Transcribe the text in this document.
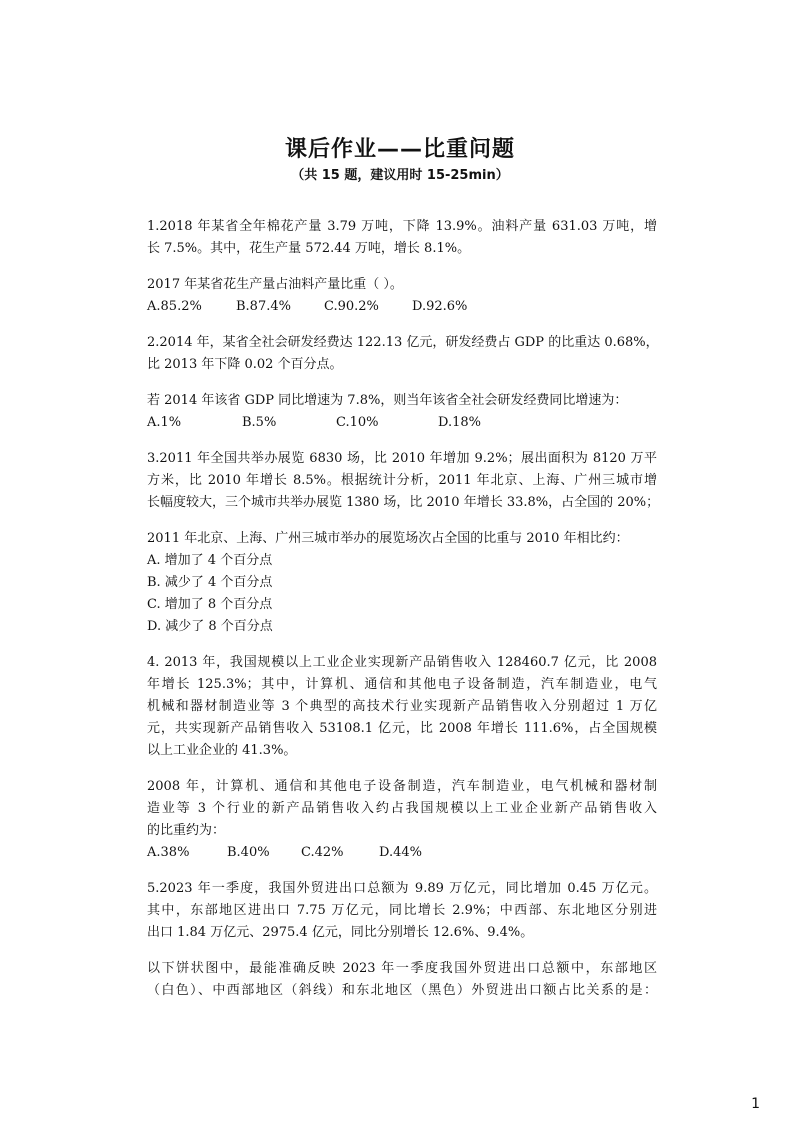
课后作业——比重问题
（共 15 题，建议用时 15-25min）
1.2018 年某省全年棉花产量 3.79 万吨，下降 13.9%。油料产量 631.03 万吨，增
长 7.5%。其中，花生产量 572.44 万吨，增长 8.1%。
2017 年某省花生产量占油料产量比重（ ）。
A.85.2%	B.87.4%	C.90.2%	D.92.6%
2.2014 年，某省全社会研发经费达 122.13 亿元，研发经费占 GDP 的比重达 0.68%，
比 2013 年下降 0.02 个百分点。
若 2014 年该省 GDP 同比增速为 7.8%，则当年该省全社会研发经费同比增速为：
A.1%	B.5%	C.10%	D.18%
3.2011 年全国共举办展览 6830 场，比 2010 年增加 9.2%；展出面积为 8120 万平
方米，比 2010 年增长 8.5%。根据统计分析，2011 年北京、上海、广州三城市增
长幅度较大，三个城市共举办展览 1380 场，比 2010 年增长 33.8%，占全国的 20%；
2011 年北京、上海、广州三城市举办的展览场次占全国的比重与 2010 年相比约：
A. 增加了 4 个百分点
B. 减少了 4 个百分点
C. 增加了 8 个百分点
D. 减少了 8 个百分点
4. 2013 年，我国规模以上工业企业实现新产品销售收入 128460.7 亿元，比 2008
年增长 125.3%；其中，计算机、通信和其他电子设备制造，汽车制造业，电气
机械和器材制造业等 3 个典型的高技术行业实现新产品销售收入分别超过 1 万亿
元，共实现新产品销售收入 53108.1 亿元，比 2008 年增长 111.6%，占全国规模
以上工业企业的 41.3%。
2008 年，计算机、通信和其他电子设备制造，汽车制造业，电气机械和器材制
造业等 3 个行业的新产品销售收入约占我国规模以上工业企业新产品销售收入
的比重约为：
A.38%	B.40%	C.42%	D.44%
5.2023 年一季度，我国外贸进出口总额为 9.89 万亿元，同比增加 0.45 万亿元。
其中，东部地区进出口 7.75 万亿元，同比增长 2.9%；中西部、东北地区分别进
出口 1.84 万亿元、2975.4 亿元，同比分别增长 12.6%、9.4%。
以下饼状图中，最能准确反映 2023 年一季度我国外贸进出口总额中，东部地区
（白色）、中西部地区（斜线）和东北地区（黑色）外贸进出口额占比关系的是：
1
